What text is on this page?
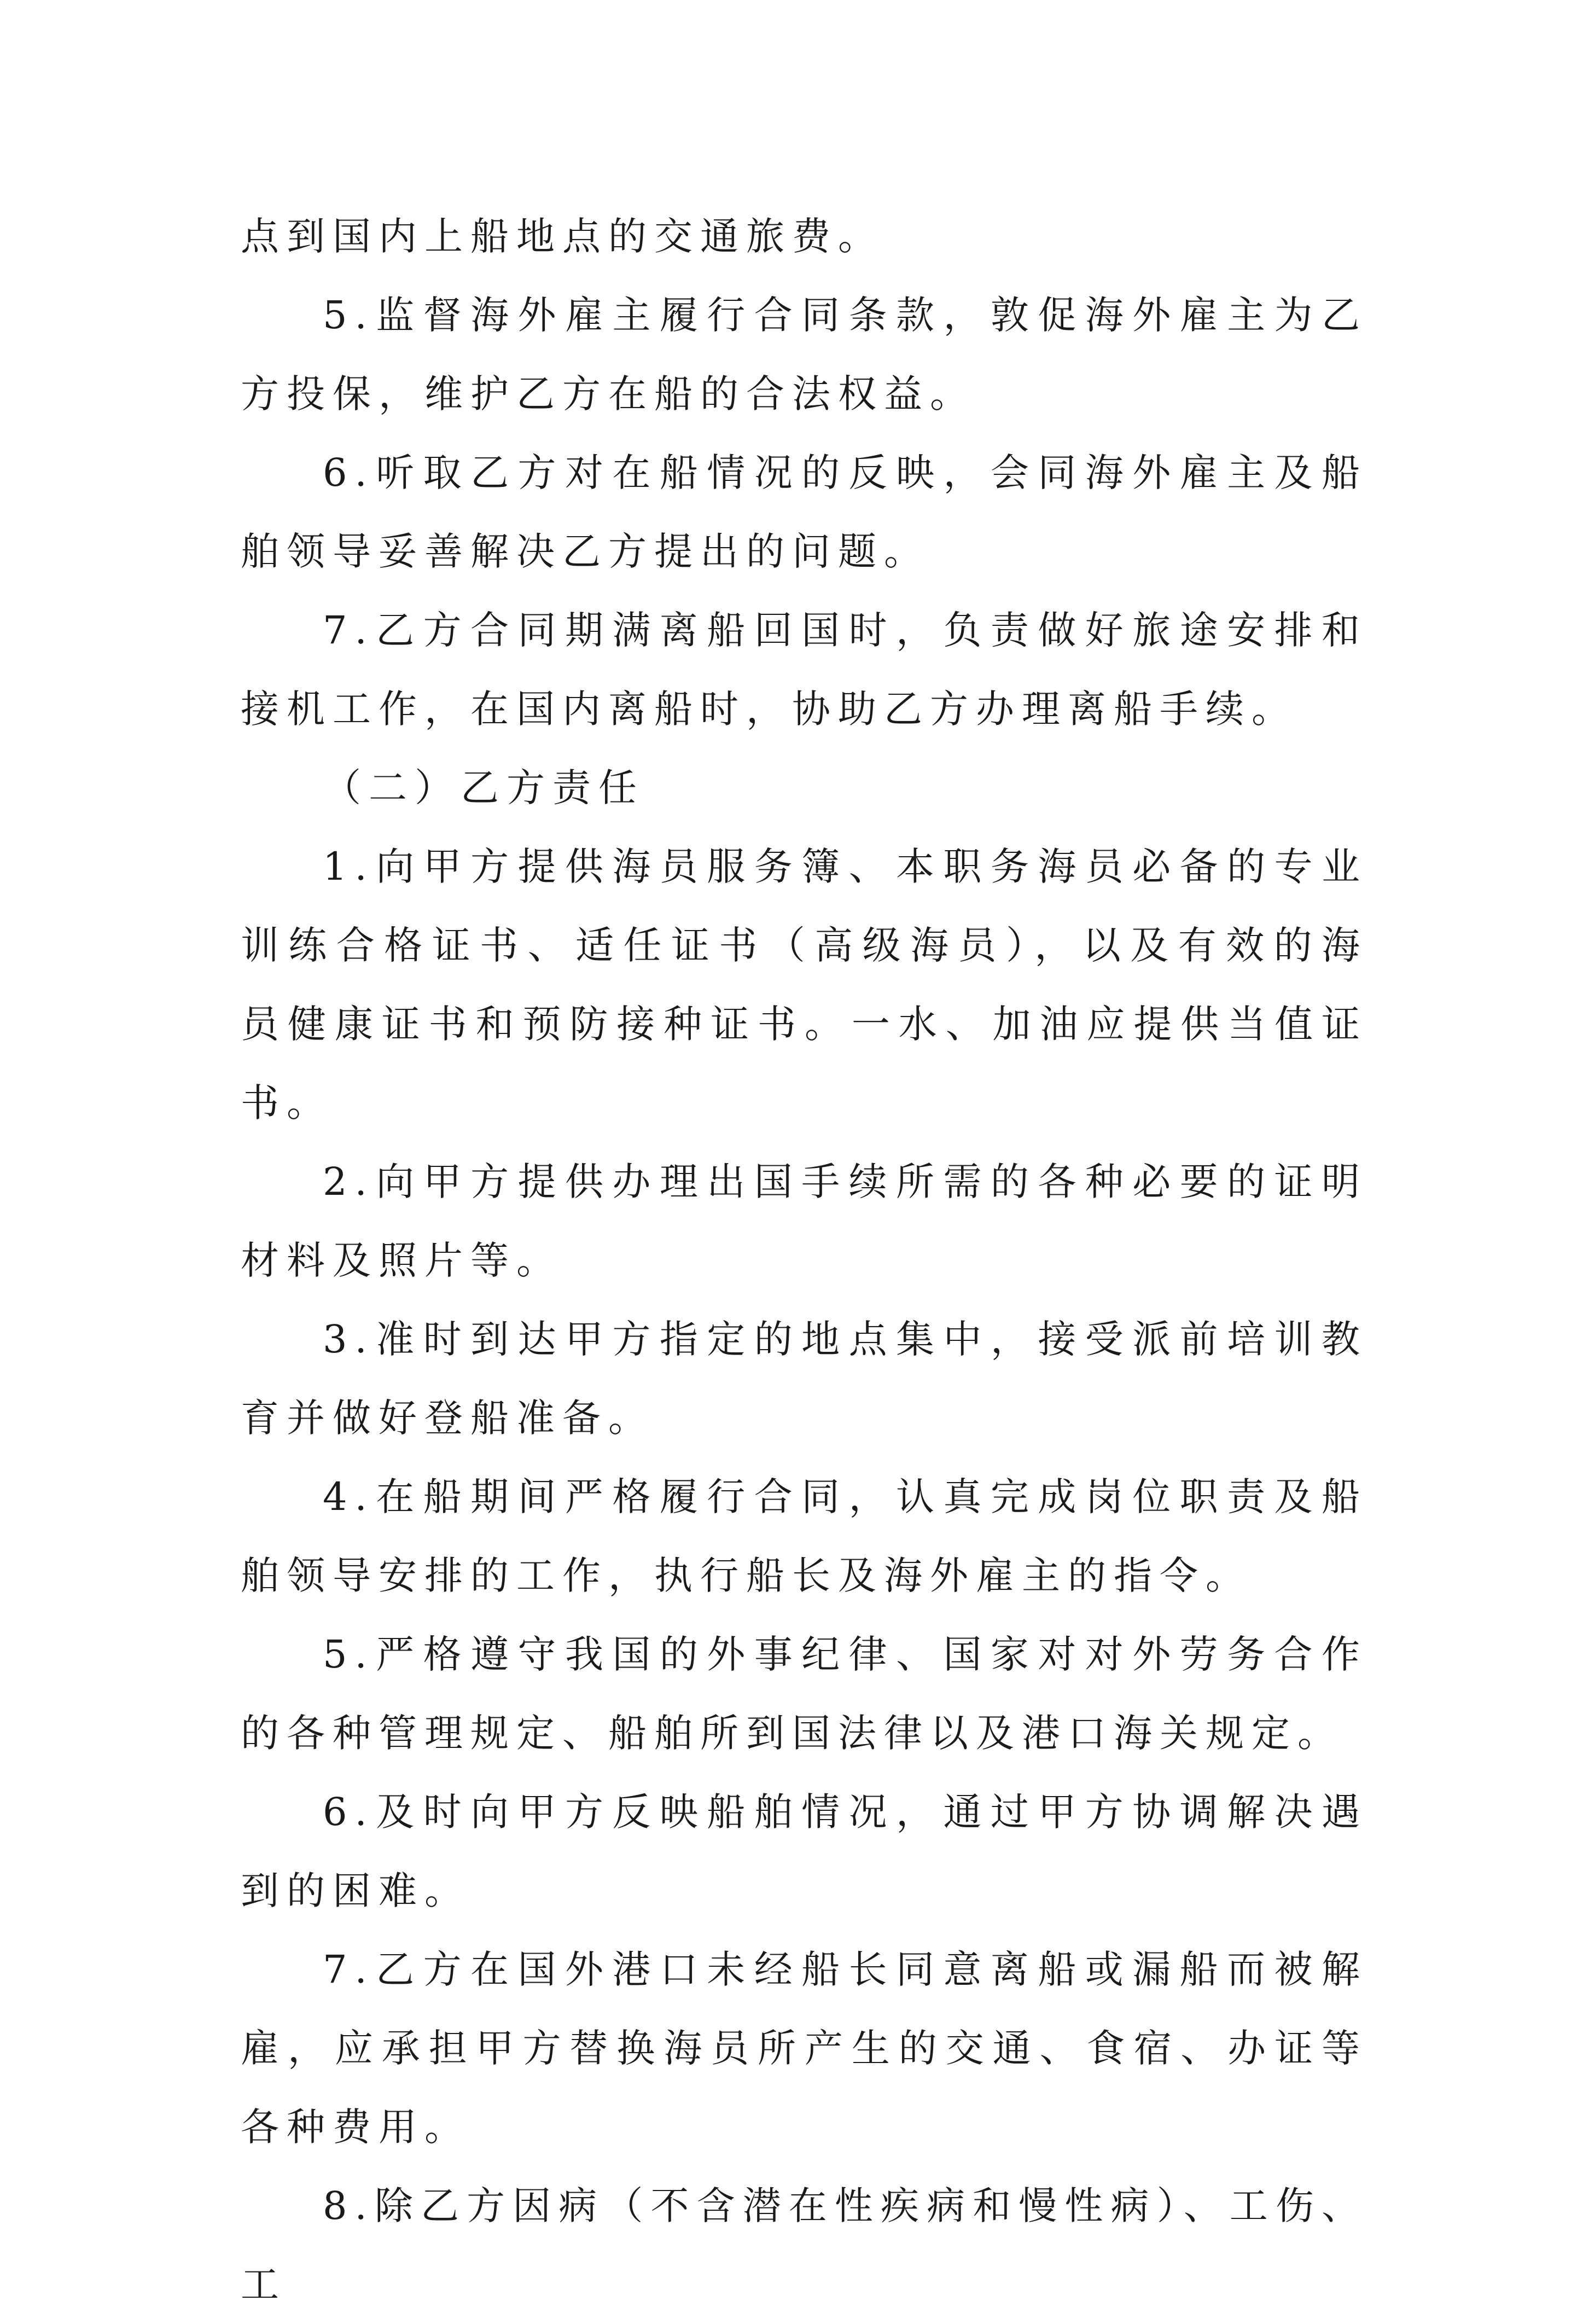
点到国内上船地点的交通旅费。

5.监督海外雇主履行合同条款，敦促海外雇主为乙方投保，维护乙方在船的合法权益。

6.听取乙方对在船情况的反映，会同海外雇主及船舶领导妥善解决乙方提出的问题。

7.乙方合同期满离船回国时，负责做好旅途安排和接机工作，在国内离船时，协助乙方办理离船手续。

（二）乙方责任

1.向甲方提供海员服务簿、本职务海员必备的专业训练合格证书、适任证书（高级海员），以及有效的海员健康证书和预防接种证书。一水、加油应提供当值证书。

2.向甲方提供办理出国手续所需的各种必要的证明材料及照片等。

3.准时到达甲方指定的地点集中，接受派前培训教育并做好登船准备。

4.在船期间严格履行合同，认真完成岗位职责及船舶领导安排的工作，执行船长及海外雇主的指令。

5.严格遵守我国的外事纪律、国家对对外劳务合作的各种管理规定、船舶所到国法律以及港口海关规定。

6.及时向甲方反映船舶情况，通过甲方协调解决遇到的困难。

7.乙方在国外港口未经船长同意离船或漏船而被解雇，应承担甲方替换海员所产生的交通、食宿、办证等各种费用。

8.除乙方因病（不含潜在性疾病和慢性病）、工伤、工
